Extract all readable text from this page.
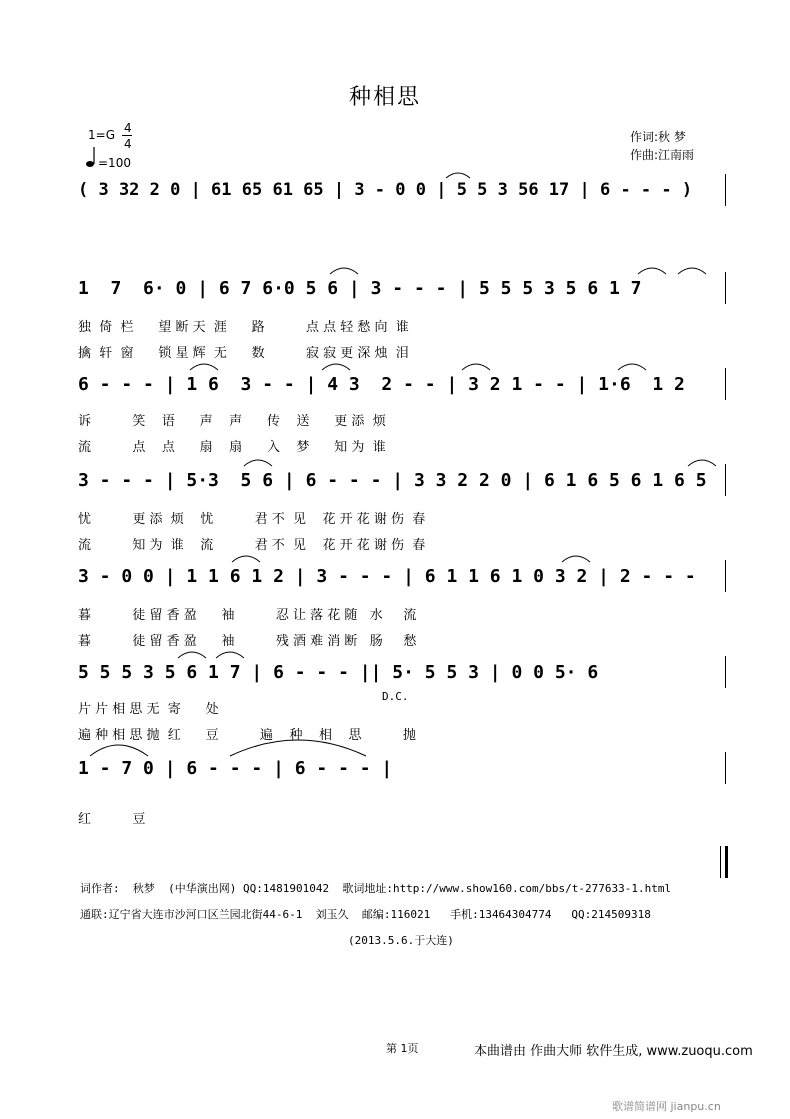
种相思
1=G 4
4
=100
作词:秋 梦
作曲:江南雨
( 3 32 2 0 | 61 65 61 65 | 3 - 0 0 | 5 5 3 56 17 | 6 - - - )
1  7  6· 0 | 6 7 6·0 5 6 | 3 - - - | 5 5 5 3 5 6 1 7
独  倚  栏      望 断 天  涯      路          点 点 轻 愁 向  谁
擒  轩  窗      锁 星 辉  无      数          寂 寂 更 深 烛  泪
6 - - - | 1 6  3 - - | 4 3  2 - - | 3 2 1 - - | 1·6  1 2
诉          笑    语      声    声      传    送      更 添  烦
流          点    点      扇    扇      入    梦      知 为  谁
3 - - - | 5·3  5 6 | 6 - - - | 3 3 2 2 0 | 6 1 6 5 6 1 6 5
忧          更 添  烦    忧          君 不  见    花 开 花 谢 伤  春
流          知 为  谁    流          君 不  见    花 开 花 谢 伤  春
3 - 0 0 | 1 1 6 1 2 | 3 - - - | 6 1 1 6 1 0 3 2 | 2 - - -
暮          徒 留 香 盈      袖          忍 让 落 花 随   水     流
暮          徒 留 香 盈      袖          残 酒 难 消 断   肠     愁
5 5 5 3 5 6 1 7 | 6 - - - || 5· 5 5 3 | 0 0 5· 6
D.C.
片 片 相 思 无  寄      处
遍 种 相 思 抛  红      豆          遍    种    相    思          抛
1 - 7 0 | 6 - - - | 6 - - - |
红          豆
词作者:  秋梦  (中华演出网) QQ:1481901042  歌词地址:http://www.show160.com/bbs/t-277633-1.html
通联:辽宁省大连市沙河口区兰园北街44-6-1  刘玉久  邮编:116021   手机:13464304774   QQ:214509318
(2013.5.6.于大连)
第 1页	本曲谱由 作曲大师 软件生成, www.zuoqu.com
歌谱简谱网 jianpu.cn
